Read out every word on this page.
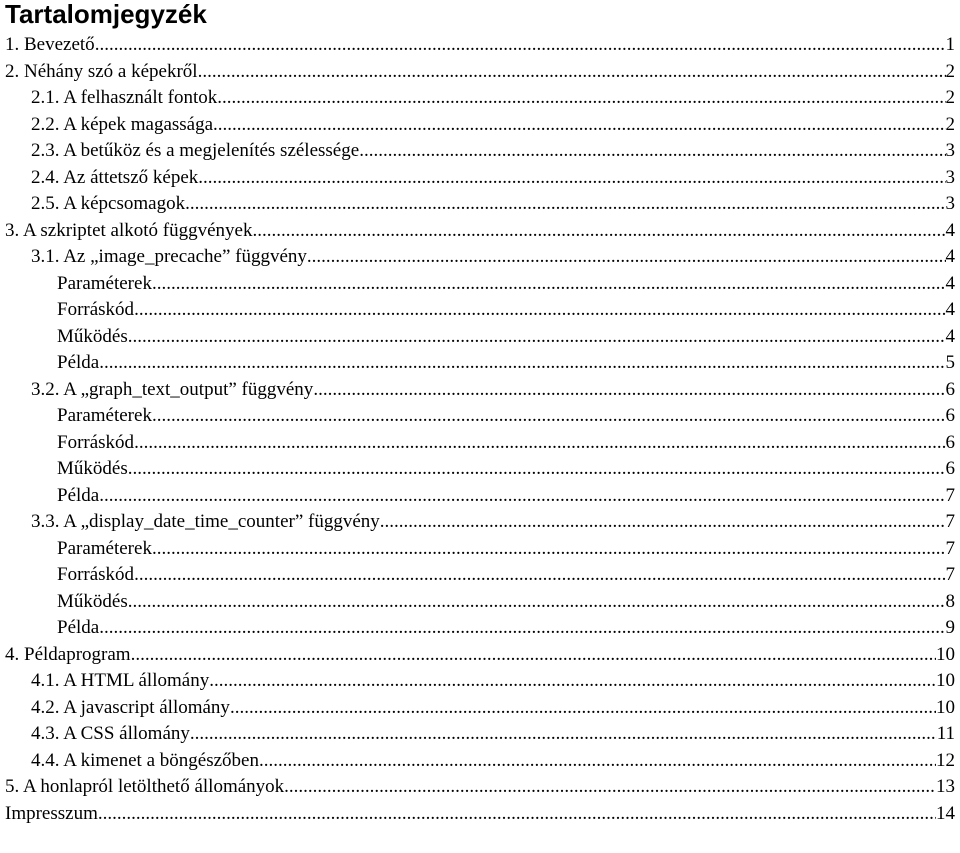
Tartalomjegyzék
1. Bevezető .....	1
2. Néhány szó a képekről .....	2
2.1. A felhasznált fontok .....	2
2.2. A képek magassága .....	2
2.3. A betűköz és a megjelenítés szélessége .....	3
2.4. Az áttetsző képek .....	3
2.5. A képcsomagok .....	3
3. A szkriptet alkotó függvények .....	4
3.1. Az „image_precache” függvény .....	4
Paraméterek .....	4
Forráskód .....	4
Működés .....	4
Példa .....	5
3.2. A „graph_text_output” függvény .....	6
Paraméterek .....	6
Forráskód .....	6
Működés .....	6
Példa .....	7
3.3. A „display_date_time_counter” függvény .....	7
Paraméterek .....	7
Forráskód .....	7
Működés .....	8
Példa .....	9
4. Példaprogram .....	10
4.1. A HTML állomány .....	10
4.2. A javascript állomány .....	10
4.3. A CSS állomány .....	11
4.4. A kimenet a böngészőben .....	12
5. A honlapról letölthető állományok .....	13
Impresszum .....	14
